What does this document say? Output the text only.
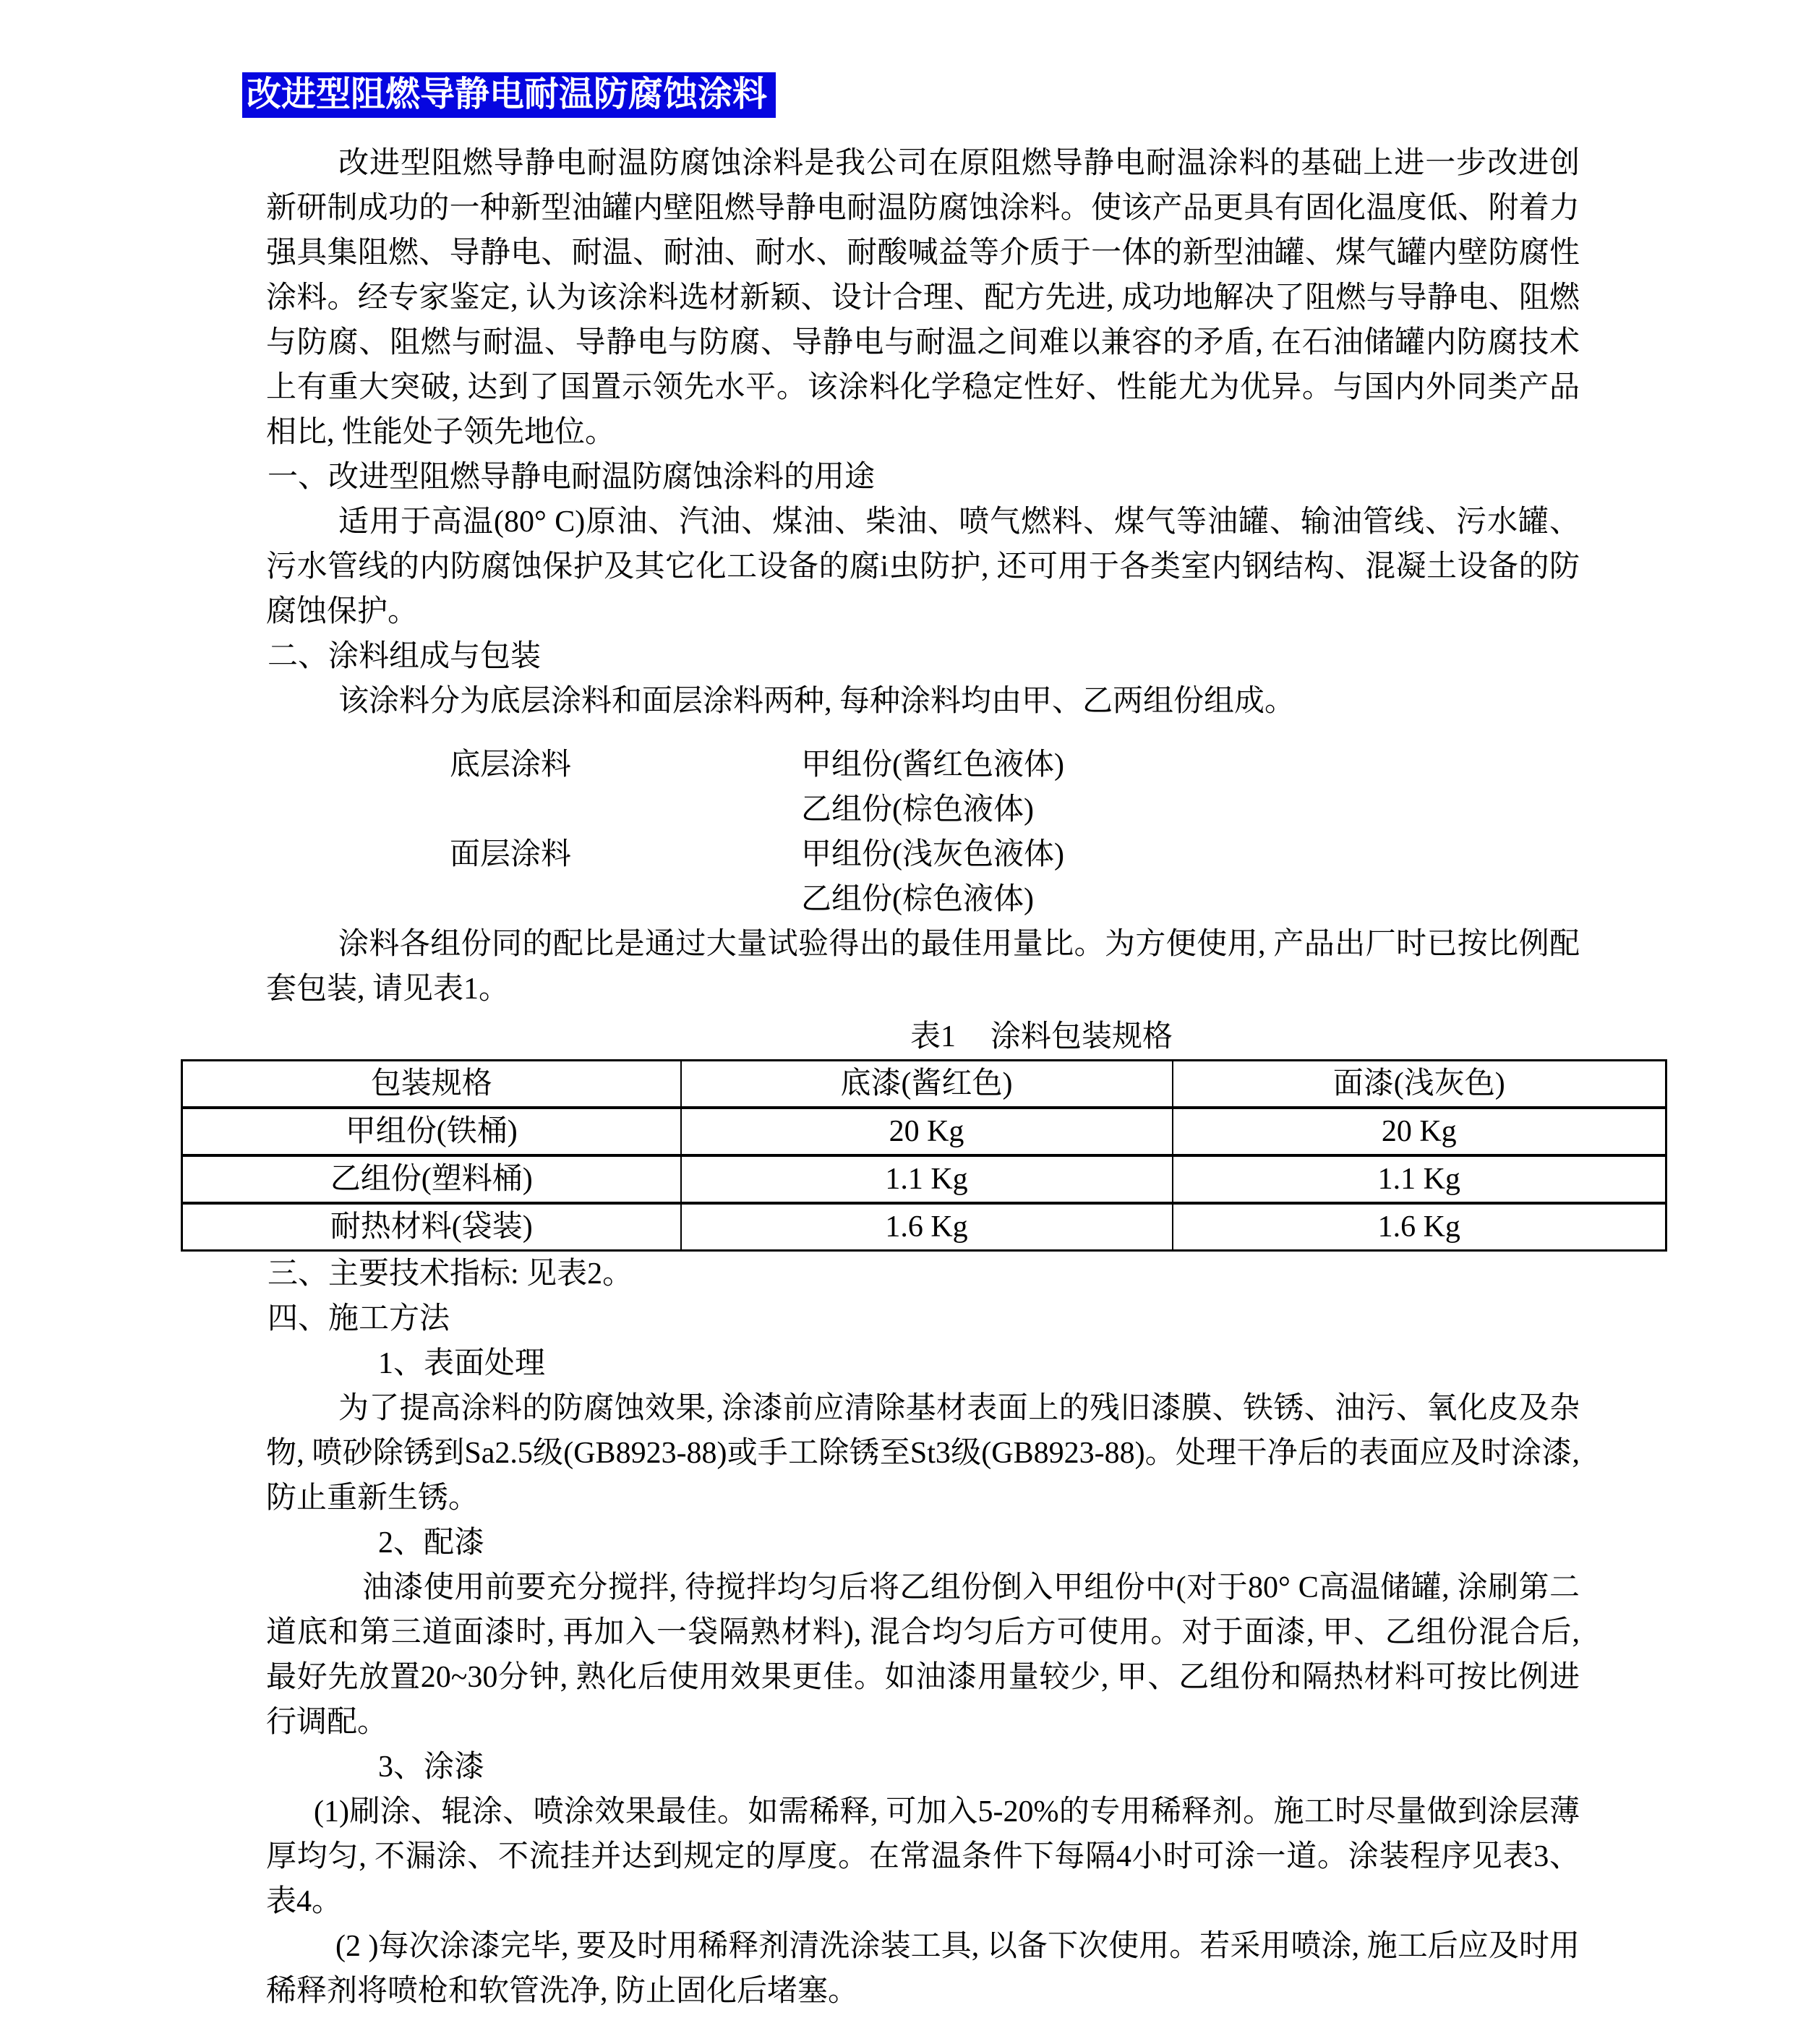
改进型阻燃导静电耐温防腐蚀涂料

改进型阻燃导静电耐温防腐蚀涂料是我公司在原阻燃导静电耐温涂料的基础上进一步改进创新研制成功的一种新型油罐内壁阻燃导静电耐温防腐蚀涂料。使该产品更具有固化温度低、附着力强具集阻燃、导静电、耐温、耐油、耐水、耐酸喊益等介质于一体的新型油罐、煤气罐内壁防腐性涂料。经专家鉴定, 认为该涂料选材新颖、设计合理、配方先进, 成功地解决了阻燃与导静电、阻燃与防腐、阻燃与耐温、导静电与防腐、导静电与耐温之间难以兼容的矛盾, 在石油储罐内防腐技术上有重大突破, 达到了国置示领先水平。该涂料化学稳定性好、性能尤为优异。与国内外同类产品相比, 性能处子领先地位。

一、改进型阻燃导静电耐温防腐蚀涂料的用途

适用于高温(80° C)原油、汽油、煤油、柴油、喷气燃料、煤气等油罐、输油管线、污水罐、污水管线的内防腐蚀保护及其它化工设备的腐i虫防护, 还可用于各类室内钢结构、混凝土设备的防腐蚀保护。

二、涂料组成与包装

该涂料分为底层涂料和面层涂料两种, 每种涂料均由甲、乙两组份组成。

底层涂料	甲组份(酱红色液体)
乙组份(棕色液体)
面层涂料	甲组份(浅灰色液体)
乙组份(棕色液体)

涂料各组份同的配比是通过大量试验得出的最佳用量比。为方便使用, 产品出厂时已按比例配套包装, 请见表1。

表1 涂料包装规格
包装规格	底漆(酱红色)	面漆(浅灰色)
甲组份(铁桶)	20 Kg	20 Kg
乙组份(塑料桶)	1.1 Kg	1.1 Kg
耐热材料(袋装)	1.6 Kg	1.6 Kg
三、主要技术指标: 见表2。
四、施工方法
1、表面处理

为了提高涂料的防腐蚀效果, 涂漆前应清除基材表面上的残旧漆膜、铁锈、油污、氧化皮及杂物, 喷砂除锈到Sa2.5级(GB8923-88)或手工除锈至St3级(GB8923-88)。处理干净后的表面应及时涂漆, 防止重新生锈。

2、配漆

油漆使用前要充分搅拌, 待搅拌均匀后将乙组份倒入甲组份中(对于80° C高温储罐, 涂刷第二道底和第三道面漆时, 再加入一袋隔熟材料), 混合均匀后方可使用。对于面漆, 甲、乙组份混合后, 最好先放置20~30分钟, 熟化后使用效果更佳。如油漆用量较少, 甲、乙组份和隔热材料可按比例进行调配。

3、涂漆

(1)刷涂、辊涂、喷涂效果最佳。如需稀释, 可加入5-20%的专用稀释剂。施工时尽量做到涂层薄厚均匀, 不漏涂、不流挂并达到规定的厚度。在常温条件下每隔4小时可涂一道。涂装程序见表3、表4。

(2 )每次涂漆完毕, 要及时用稀释剂清洗涂装工具, 以备下次使用。若采用喷涂, 施工后应及时用稀释剂将喷枪和软管洗净, 防止固化后堵塞。
